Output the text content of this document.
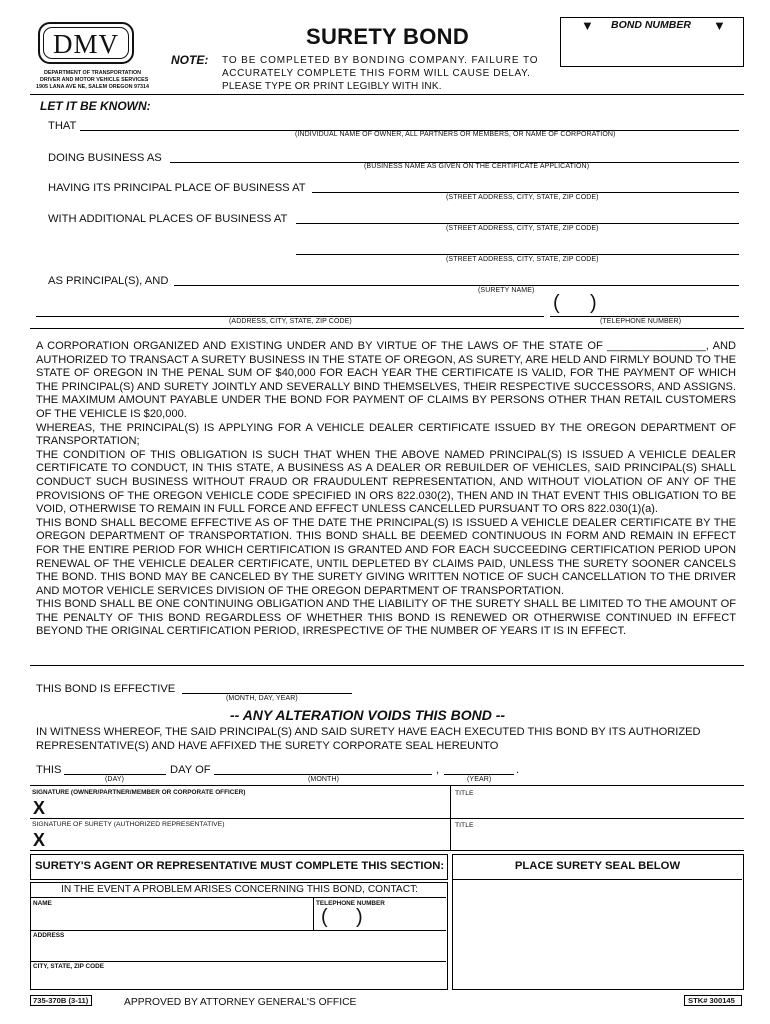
DMV
DEPARTMENT OF TRANSPORTATION
DRIVER AND MOTOR VEHICLE SERVICES
1905 LANA AVE NE, SALEM OREGON 97314
SURETY BOND
NOTE: TO BE COMPLETED BY BONDING COMPANY. FAILURE TO
ACCURATELY COMPLETE THIS FORM WILL CAUSE DELAY.
PLEASE TYPE OR PRINT LEGIBLY WITH INK.
▼ BOND NUMBER ▼
LET IT BE KNOWN:
THAT
(INDIVIDUAL NAME OF OWNER, ALL PARTNERS OR MEMBERS, OR NAME OF CORPORATION)
DOING BUSINESS AS
(BUSINESS NAME AS GIVEN ON THE CERTIFICATE APPLICATION)
HAVING ITS PRINCIPAL PLACE OF BUSINESS AT
(STREET ADDRESS, CITY, STATE, ZIP CODE)
WITH ADDITIONAL PLACES OF BUSINESS AT
(STREET ADDRESS, CITY, STATE, ZIP CODE)
(STREET ADDRESS, CITY, STATE, ZIP CODE)
AS PRINCIPAL(S), AND
(SURETY NAME)
(ADDRESS, CITY, STATE, ZIP CODE)
( )
(TELEPHONE NUMBER)

A CORPORATION ORGANIZED AND EXISTING UNDER AND BY VIRTUE OF THE LAWS OF THE STATE OF ________________, AND AUTHORIZED TO TRANSACT A SURETY BUSINESS IN THE STATE OF OREGON, AS SURETY, ARE HELD AND FIRMLY BOUND TO THE STATE OF OREGON IN THE PENAL SUM OF $40,000 FOR EACH YEAR THE CERTIFICATE IS VALID, FOR THE PAYMENT OF WHICH THE PRINCIPAL(S) AND SURETY JOINTLY AND SEVERALLY BIND THEMSELVES, THEIR RESPECTIVE SUCCESSORS, AND ASSIGNS. THE MAXIMUM AMOUNT PAYABLE UNDER THE BOND FOR PAYMENT OF CLAIMS BY PERSONS OTHER THAN RETAIL CUSTOMERS OF THE VEHICLE IS $20,000.

WHEREAS, THE PRINCIPAL(S) IS APPLYING FOR A VEHICLE DEALER CERTIFICATE ISSUED BY THE OREGON DEPARTMENT OF TRANSPORTATION;

THE CONDITION OF THIS OBLIGATION IS SUCH THAT WHEN THE ABOVE NAMED PRINCIPAL(S) IS ISSUED A VEHICLE DEALER CERTIFICATE TO CONDUCT, IN THIS STATE, A BUSINESS AS A DEALER OR REBUILDER OF VEHICLES, SAID PRINCIPAL(S) SHALL CONDUCT SUCH BUSINESS WITHOUT FRAUD OR FRAUDULENT REPRESENTATION, AND WITHOUT VIOLATION OF ANY OF THE PROVISIONS OF THE OREGON VEHICLE CODE SPECIFIED IN ORS 822.030(2), THEN AND IN THAT EVENT THIS OBLIGATION TO BE VOID, OTHERWISE TO REMAIN IN FULL FORCE AND EFFECT UNLESS CANCELLED PURSUANT TO ORS 822.030(1)(a).

THIS BOND SHALL BECOME EFFECTIVE AS OF THE DATE THE PRINCIPAL(S) IS ISSUED A VEHICLE DEALER CERTIFICATE BY THE OREGON DEPARTMENT OF TRANSPORTATION. THIS BOND SHALL BE DEEMED CONTINUOUS IN FORM AND REMAIN IN EFFECT FOR THE ENTIRE PERIOD FOR WHICH CERTIFICATION IS GRANTED AND FOR EACH SUCCEEDING CERTIFICATION PERIOD UPON RENEWAL OF THE VEHICLE DEALER CERTIFICATE, UNTIL DEPLETED BY CLAIMS PAID, UNLESS THE SURETY SOONER CANCELS THE BOND. THIS BOND MAY BE CANCELED BY THE SURETY GIVING WRITTEN NOTICE OF SUCH CANCELLATION TO THE DRIVER AND MOTOR VEHICLE SERVICES DIVISION OF THE OREGON DEPARTMENT OF TRANSPORTATION.

THIS BOND SHALL BE ONE CONTINUING OBLIGATION AND THE LIABILITY OF THE SURETY SHALL BE LIMITED TO THE AMOUNT OF THE PENALTY OF THIS BOND REGARDLESS OF WHETHER THIS BOND IS RENEWED OR OTHERWISE CONTINUED IN EFFECT BEYOND THE ORIGINAL CERTIFICATION PERIOD, IRRESPECTIVE OF THE NUMBER OF YEARS IT IS IN EFFECT.

THIS BOND IS EFFECTIVE
(MONTH, DAY, YEAR)
-- ANY ALTERATION VOIDS THIS BOND --
IN WITNESS WHEREOF, THE SAID PRINCIPAL(S) AND SAID SURETY HAVE EACH EXECUTED THIS BOND BY ITS AUTHORIZED REPRESENTATIVE(S) AND HAVE AFFIXED THE SURETY CORPORATE SEAL HEREUNTO
THIS
(DAY)
DAY OF
(MONTH)
,
(YEAR)
.
SIGNATURE (OWNER/PARTNER/MEMBER OR CORPORATE OFFICER)
X
TITLE
SIGNATURE OF SURETY (AUTHORIZED REPRESENTATIVE)
X
TITLE
SURETY'S AGENT OR REPRESENTATIVE MUST COMPLETE THIS SECTION:
IN THE EVENT A PROBLEM ARISES CONCERNING THIS BOND, CONTACT:
NAME	TELEPHONE NUMBER
( )
ADDRESS
CITY, STATE, ZIP CODE
PLACE SURETY SEAL BELOW
735-370B (3-11)	APPROVED BY ATTORNEY GENERAL'S OFFICE	STK# 300145
